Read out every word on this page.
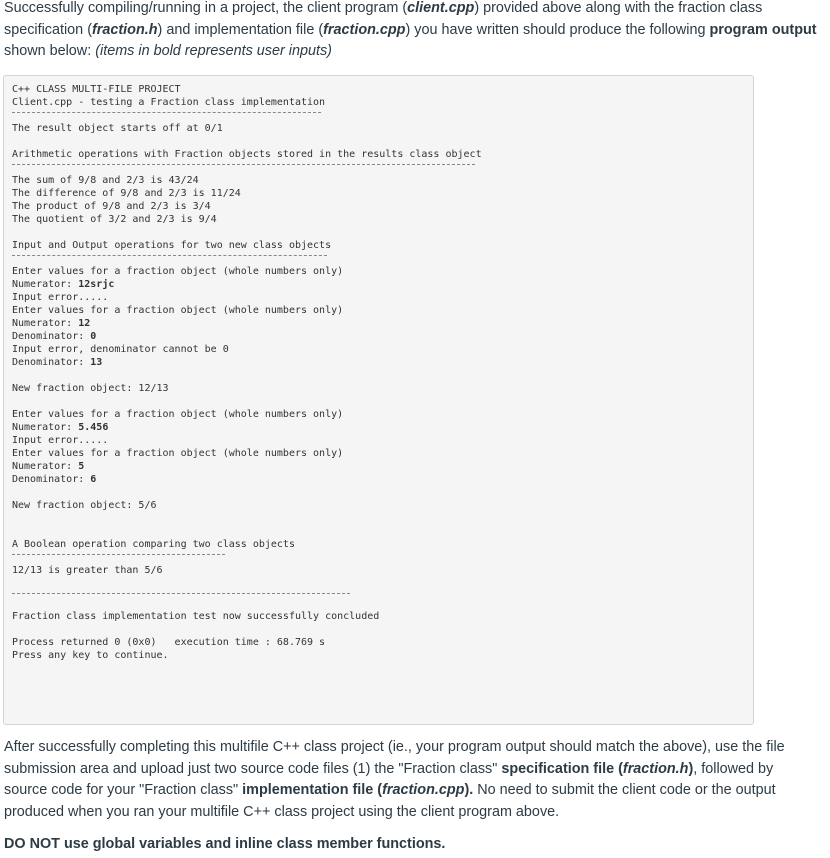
Successfully compiling/running in a project, the client program (client.cpp) provided above along with the fraction class specification (fraction.h) and implementation file (fraction.cpp) you have written should produce the following program output shown below: (items in bold represents user inputs)

C++ CLASS MULTI-FILE PROJECT
Client.cpp - testing a Fraction class implementation
The result object starts off at 0/1
Arithmetic operations with Fraction objects stored in the results class object
The sum of 9/8 and 2/3 is 43/24
The difference of 9/8 and 2/3 is 11/24
The product of 9/8 and 2/3 is 3/4
The quotient of 3/2 and 2/3 is 9/4
Input and Output operations for two new class objects
Enter values for a fraction object (whole numbers only)
Numerator: 12srjc
Input error.....
Enter values for a fraction object (whole numbers only)
Numerator: 12
Denominator: 0
Input error, denominator cannot be 0
Denominator: 13
New fraction object: 12/13
Enter values for a fraction object (whole numbers only)
Numerator: 5.456
Input error.....
Enter values for a fraction object (whole numbers only)
Numerator: 5
Denominator: 6
New fraction object: 5/6
A Boolean operation comparing two class objects
12/13 is greater than 5/6
Fraction class implementation test now successfully concluded
Process returned 0 (0x0)   execution time : 68.769 s
Press any key to continue.

After successfully completing this multifile C++ class project (ie., your program output should match the above), use the file submission area and upload just two source code files (1) the "Fraction class" specification file (fraction.h), followed by source code for your "Fraction class" implementation file (fraction.cpp). No need to submit the client code or the output produced when you ran your multifile C++ class project using the client program above.

DO NOT use global variables and inline class member functions.
